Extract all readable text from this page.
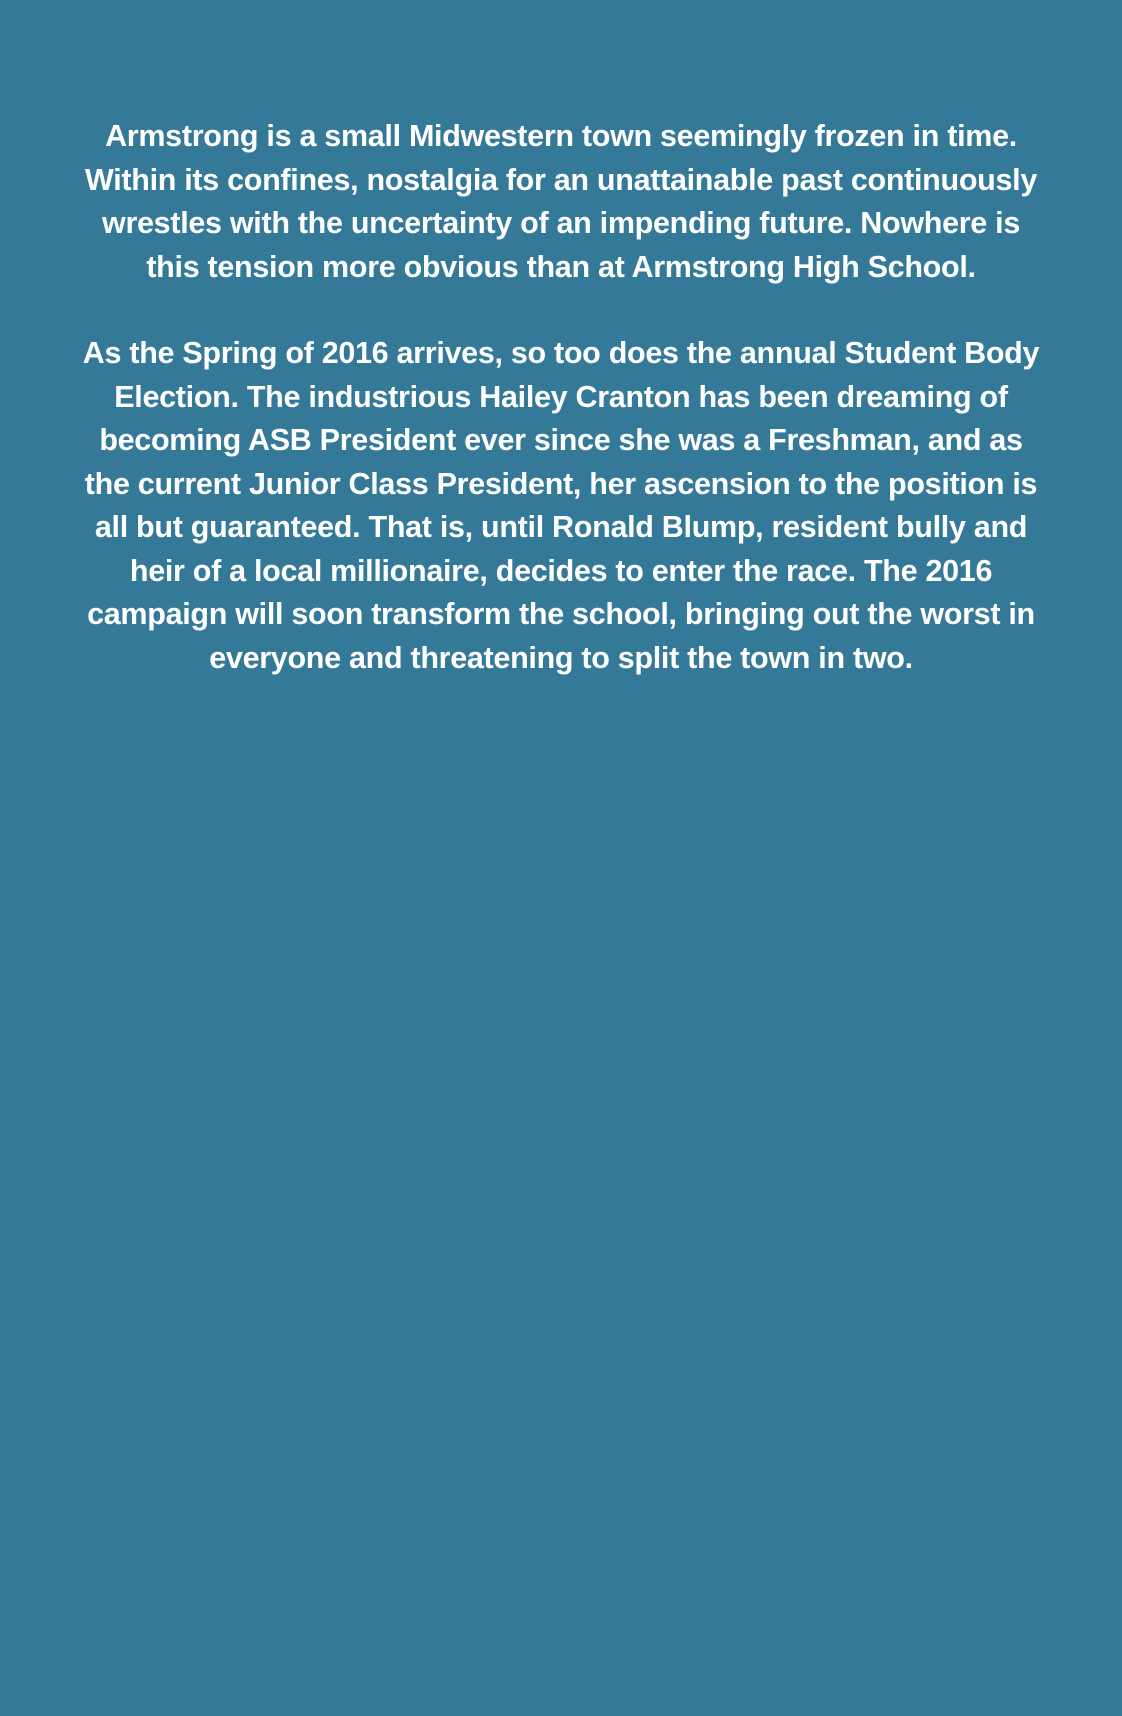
Armstrong is a small Midwestern town seemingly frozen in time. Within its confines, nostalgia for an unattainable past continuously wrestles with the uncertainty of an impending future. Nowhere is this tension more obvious than at Armstrong High School.

As the Spring of 2016 arrives, so too does the annual Student Body Election. The industrious Hailey Cranton has been dreaming of becoming ASB President ever since she was a Freshman, and as the current Junior Class President, her ascension to the position is all but guaranteed. That is, until Ronald Blump, resident bully and heir of a local millionaire, decides to enter the race. The 2016 campaign will soon transform the school, bringing out the worst in everyone and threatening to split the town in two.
